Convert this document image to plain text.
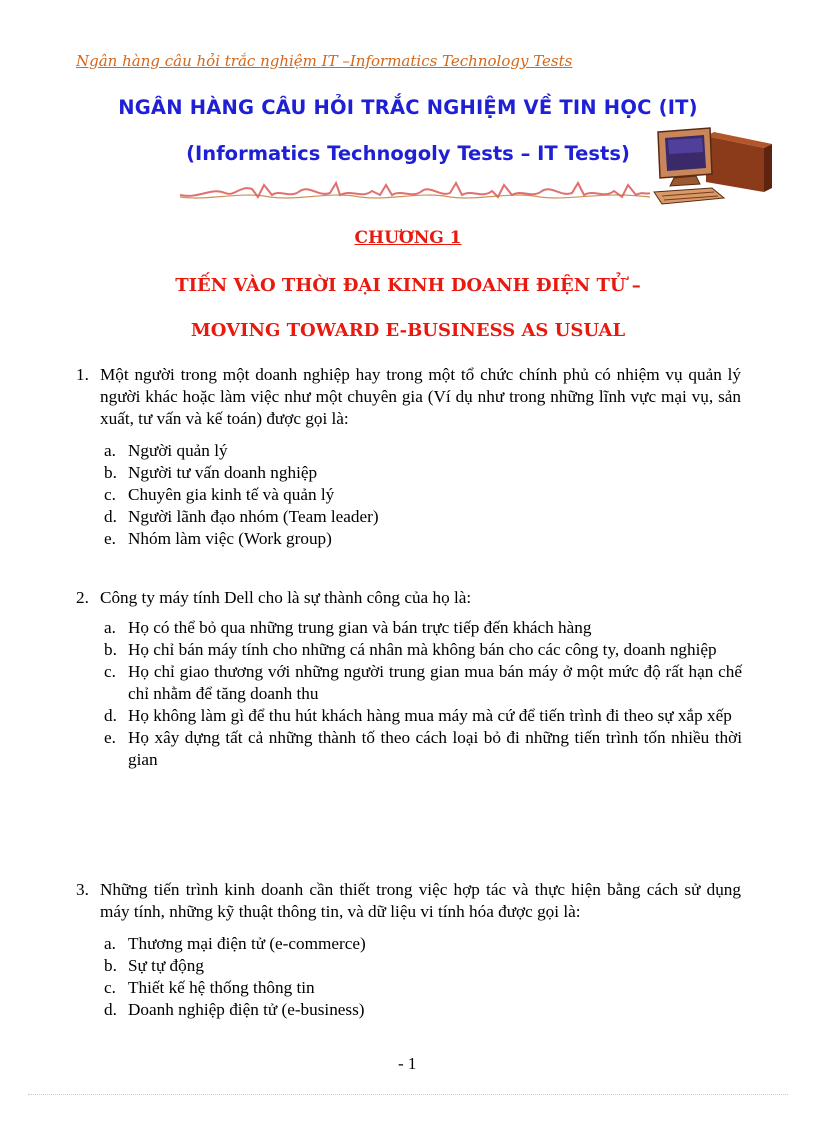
Ngân hàng câu hỏi trắc nghiệm IT –Informatics Technology Tests
NGÂN HÀNG CÂU HỎI TRẮC NGHIỆM VỀ TIN HỌC (IT)
(Informatics Technogoly Tests – IT Tests)
CHƯƠNG 1
TIẾN VÀO THỜI ĐẠI KINH DOANH ĐIỆN TỬ –
MOVING TOWARD E-BUSINESS AS USUAL
1. Một người trong một doanh nghiệp hay trong một tổ chức chính phủ có nhiệm vụ quản lý người khác hoặc làm việc như một chuyên gia (Ví dụ như trong những lĩnh vực mại vụ, sản xuất, tư vấn và kế toán) được gọi là:
a. Người quản lý
b. Người tư vấn doanh nghiệp
c. Chuyên gia kinh tế và quản lý
d. Người lãnh đạo nhóm (Team leader)
e. Nhóm làm việc (Work group)
2. Công ty máy tính Dell cho là sự thành công của họ là:
a. Họ có thể bỏ qua những trung gian và bán trực tiếp đến khách hàng
b. Họ chỉ bán máy tính cho những cá nhân mà không bán cho các công ty, doanh nghiệp
c. Họ chỉ giao thương với những người trung gian mua bán máy ở một mức độ rất hạn chế chỉ nhằm để tăng doanh thu
d. Họ không làm gì để thu hút khách hàng mua máy mà cứ để tiến trình đi theo sự xắp xếp
e. Họ xây dựng tất cả những thành tố theo cách loại bỏ đi những tiến trình tốn nhiều thời gian
3. Những tiến trình kinh doanh cần thiết trong việc hợp tác và thực hiện bằng cách sử dụng máy tính, những kỹ thuật thông tin, và dữ liệu vi tính hóa được gọi là:
a. Thương mại điện tử (e-commerce)
b. Sự tự động
c. Thiết kế hệ thống thông tin
d. Doanh nghiệp điện tử (e-business)
- 1
